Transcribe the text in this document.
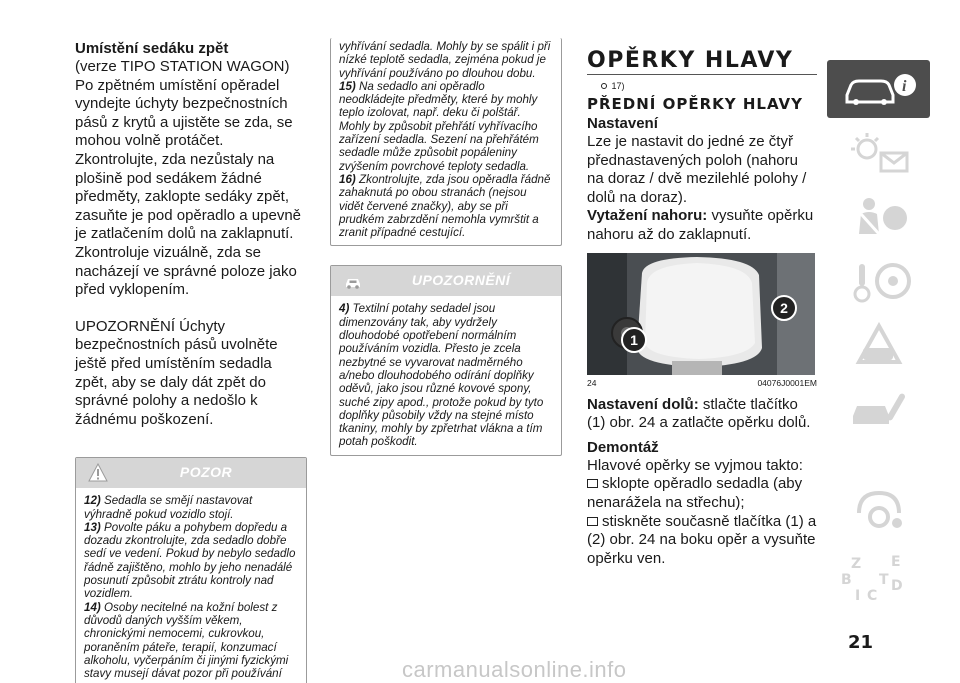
Umístění sedáku zpět
(verze TIPO STATION WAGON)
Po zpětném umístění opěradel vyndejte úchyty bezpečnostních pásů z krytů a ujistěte se zda, se mohou volně protáčet. Zkontrolujte, zda nezůstaly na plošině pod sedákem žádné předměty, zaklopte sedáky zpět, zasuňte je pod opěradlo a upevně je zatlačením dolů na zaklapnutí. Zkontroluje vizuálně, zda se nacházejí ve správné poloze jako před vyklopením.
UPOZORNĚNÍ Úchyty bezpečnostních pásů uvolněte ještě před umístěním sedadla zpět, aby se daly dát zpět do správné polohy a nedošlo k žádnému poškození.
POZOR
12) Sedadla se smějí nastavovat výhradně pokud vozidlo stojí.
13) Povolte páku a pohybem dopředu a dozadu zkontrolujte, zda sedadlo dobře sedí ve vedení. Pokud by nebylo sedadlo řádně zajištěno, mohlo by jeho nenadálé posunutí způsobit ztrátu kontroly nad vozidlem.
14) Osoby necitelné na kožní bolest z důvodů daných vyšším věkem, chronickými nemocemi, cukrovkou, poraněním páteře, terapií, konzumací alkoholu, vyčerpáním či jinými fyzickými stavy musejí dávat pozor při používání
vyhřívání sedadla. Mohly by se spálit i při nízké teplotě sedadla, zejména pokud je vyhřívání používáno po dlouhou dobu.
15) Na sedadlo ani opěradlo neodkládejte předměty, které by mohly teplo izolovat, např. deku či polštář. Mohly by způsobit přehřátí vyhřívacího zařízení sedadla. Sezení na přehřátém sedadle může způsobit popáleniny zvýšením povrchové teploty sedadla.
16) Zkontrolujte, zda jsou opěradla řádně zahaknutá po obou stranách (nejsou vidět červené značky), aby se při prudkém zabrzdění nemohla vymrštit a zranit případné cestující.
UPOZORNĚNÍ
4) Textilní potahy sedadel jsou dimenzovány tak, aby vydržely dlouhodobé opotřebení normálním používáním vozidla. Přesto je zcela nezbytné se vyvarovat nadměrného a/nebo dlouhodobého odírání doplňky oděvů, jako jsou různé kovové spony, suché zipy apod., protože pokud by tyto doplňky působily vždy na stejné místo tkaniny, mohly by zpřetrhat vlákna a tím potah poškodit.
OPĚRKY HLAVY
17)
PŘEDNÍ OPĚRKY HLAVY
Nastavení
Lze je nastavit do jedné ze čtyř přednastavených poloh (nahoru na doraz / dvě mezilehlé polohy / dolů na doraz).
Vytažení nahoru: vysuňte opěrku nahoru až do zaklapnutí.
1
2
24	04076J0001EM
Nastavení dolů: stlačte tlačítko (1) obr. 24 a zatlačte opěrku dolů.
Demontáž
Hlavové opěrky se vyjmou takto:
sklopte opěradlo sedadla (aby nenarážela na střechu);
stiskněte současně tlačítka (1) a (2) obr. 24 na boku opěr a vysuňte opěrku ven.
i
Z E
B	D
I C
T
21
carmanualsonline.info
